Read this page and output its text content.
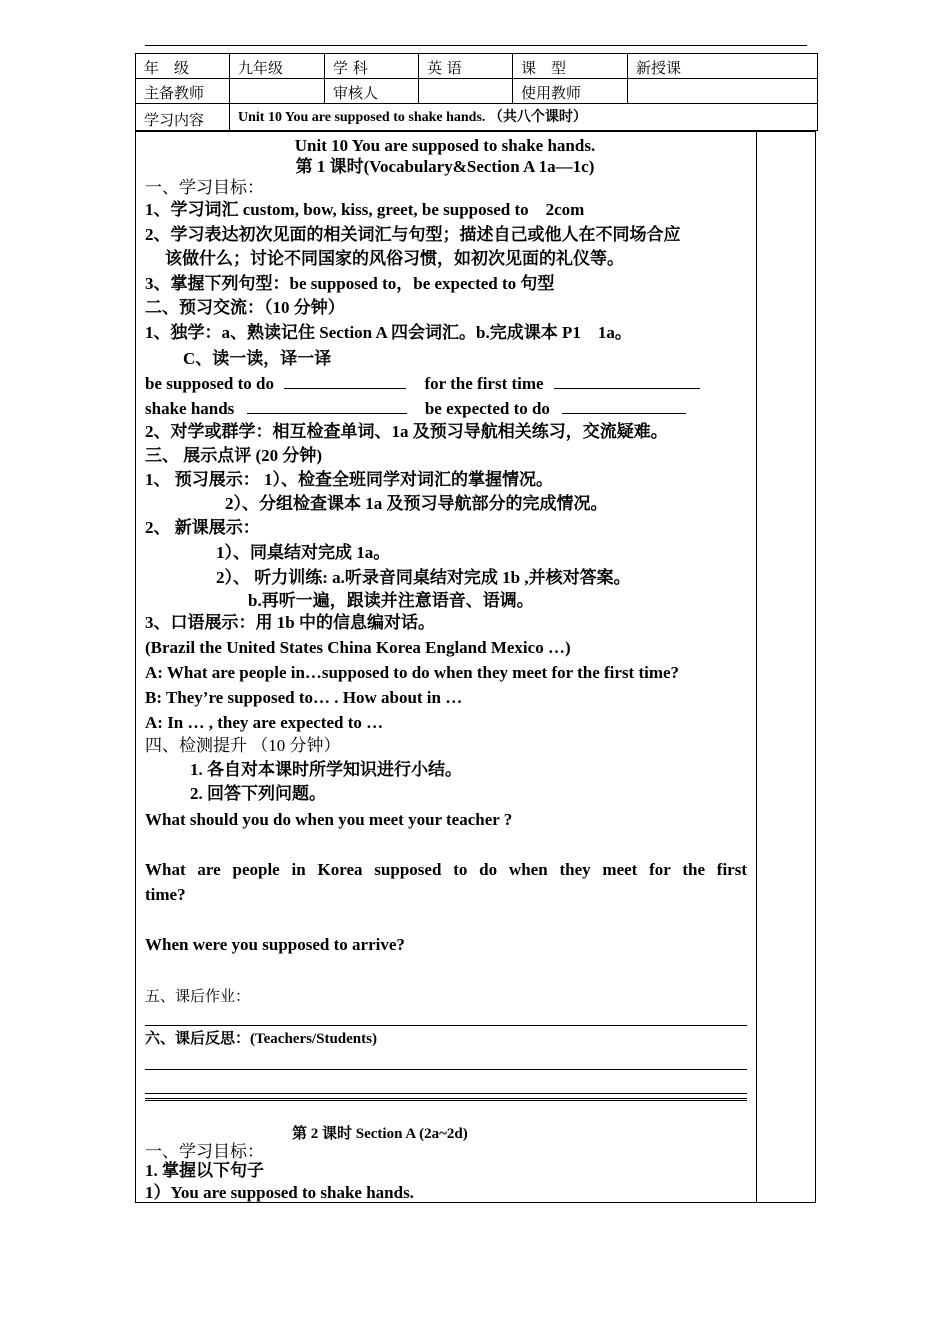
年　级	九年级	学 科	英 语	课　型	新授课
主备教师		审核人		使用教师	
学习内容	Unit 10 You are supposed to shake hands. （共八个课时）				
Unit 10 You are supposed to shake hands.
第 1 课时(Vocabulary&Section A 1a—1c)
一、学习目标：
1、学习词汇 custom, bow, kiss, greet, be supposed to　2com
2、学习表达初次见面的相关词汇与句型；描述自己或他人在不同场合应
该做什么；讨论不同国家的风俗习惯，如初次见面的礼仪等。
3、掌握下列句型：be supposed to，be expected to 句型
二、预习交流：（10 分钟）
1、独学：a、熟读记住 Section A 四会词汇。b.完成课本 P1　1a。
C、读一读，译一译
be supposed to do	for the first time
shake hands	be expected to do
2、对学或群学：相互检查单词、1a 及预习导航相关练习，交流疑难。
三、 展示点评 (20 分钟)
1、 预习展示： 1）、检查全班同学对词汇的掌握情况。
2）、分组检查课本 1a 及预习导航部分的完成情况。
2、 新课展示：
1）、同桌结对完成 1a。
2）、 听力训练: a.听录音同桌结对完成 1b ,并核对答案。
b.再听一遍，跟读并注意语音、语调。
3、口语展示：用 1b 中的信息编对话。
(Brazil the United States China Korea England Mexico …)
A: What are people in…supposed to do when they meet for the first time?
B: They’re supposed to… . How about in …
A: In … , they are expected to …
四、检测提升 （10 分钟）
1. 各自对本课时所学知识进行小结。
2. 回答下列问题。
What should you do when you meet your teacher ?
What are people in Korea supposed to do when they meet for the first
time?
When were you supposed to arrive?
五、课后作业：
六、课后反思：(Teachers/Students)
第 2 课时 Section A (2a~2d)
一、学习目标：
1. 掌握以下句子
1）You are supposed to shake hands.
